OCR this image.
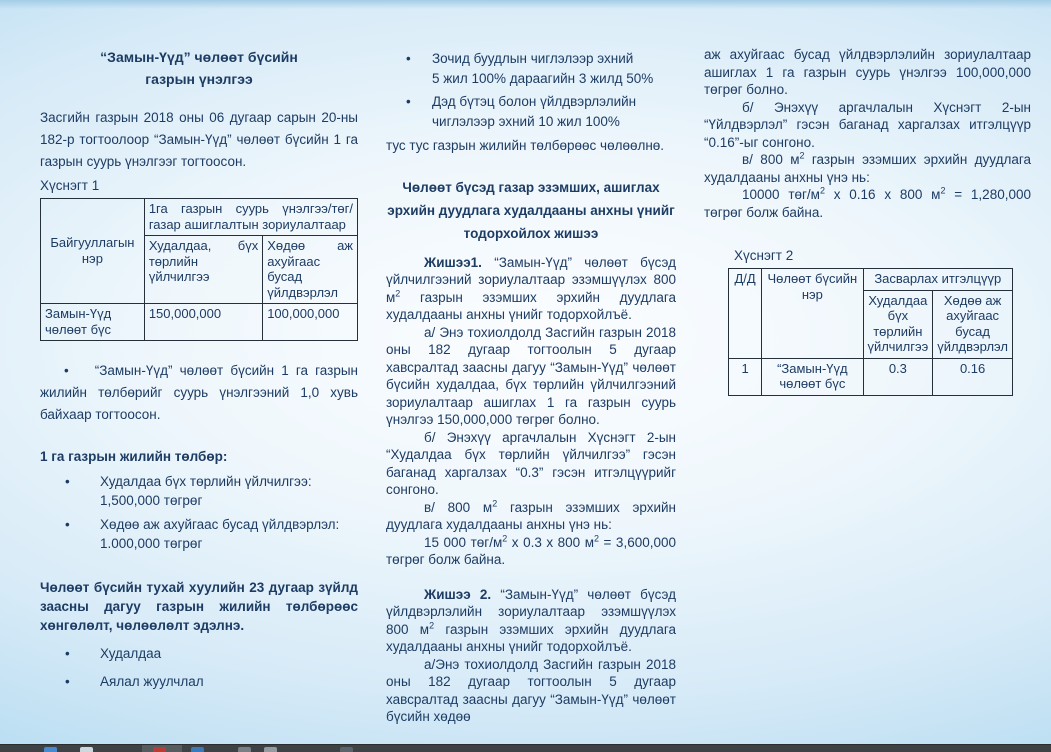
“Замын-Үүд” чөлөөт бүсийн
газрын үнэлгээ

Засгийн газрын 2018 оны 06 дугаар сарын 20-ны 182-р тогтоолоор “Замын-Үүд” чөлөөт бүсийн 1 га газрын суурь үнэлгээг тогтоосон.

Хүснэгт 1
Байгууллагын нэр	1га газрын суурь үнэлгээ/төг/ газар ашиглалтын зориулалтаар	
	Худалдаа, бүх төрлийн үйлчилгээ	Хөдөө аж ахуйгаас бусад үйлдвэрлэл
Замын-Үүд чөлөөт бүс	150,000,000	100,000,000

• “Замын-Үүд” чөлөөт бүсийн 1 га газрын жилийн төлбөрийг суурь үнэлгээний 1,0 хувь байхаар тогтоосон.

1 га газрын жилийн төлбөр:
• Худалдаа бүх төрлийн үйлчилгээ:
1,500,000 төгрөг
• Хөдөө аж ахуйгаас бусад үйлдвэрлэл:
1.000,000 төгрөг

Чөлөөт бүсийн тухай хуулийн 23 дугаар зүйлд заасны дагуу газрын жилийн төлбөрөөс хөнгөлөлт, чөлөөлөлт эдэлнэ.

• Худалдаа
• Аялал жуулчлал
• Зочид буудлын чиглэлээр эхний
5 жил 100% дараагийн 3 жилд 50%
• Дэд бүтэц болон үйлдвэрлэлийн
чиглэлээр эхний 10 жил 100%
тус тус газрын жилийн төлбөрөөс чөлөөлнө.
Чөлөөт бүсэд газар эзэмших, ашиглах эрхийн дуудлага худалдааны анхны үнийг тодорхойлох жишээ

Жишээ1. “Замын-Үүд” чөлөөт бүсэд үйлчилгээний зориулалтаар эзэмшүүлэх 800 $м^2$ газрын эзэмших эрхийн дуудлага худалдааны анхны үнийг тодорхойлъё.

а/ Энэ тохиолдолд Засгийн газрын 2018 оны 182 дугаар тогтоолын 5 дугаар хавсралтад заасны дагуу “Замын-Үүд” чөлөөт бүсийн худалдаа, бүх төрлийн үйлчилгээний зориулалтаар ашиглах 1 га газрын суурь үнэлгээ 150,000,000 төгрөг болно.

б/ Энэхүү аргачлалын Хүснэгт 2-ын “Худалдаа бүх төрлийн үйлчилгээ” гэсэн баганад харгалзах “0.3” гэсэн итгэлцүүрийг сонгоно.

в/ 800 $м^2$ газрын эзэмших эрхийн дуудлага худалдааны анхны үнэ нь:

15 000 төг/$м^2$ х 0.3 х 800 $м^2 = 3,600,000$ төгрөг болж байна.

Жишээ 2. “Замын-Үүд” чөлөөт бүсэд үйлдвэрлэлийн зориулалтаар эзэмшүүлэх 800 $м^2$ газрын эзэмших эрхийн дуудлага худалдааны анхны үнийг тодорхойлъё.

а/Энэ тохиолдолд Засгийн газрын 2018 оны 182 дугаар тогтоолын 5 дугаар хавсралтад заасны дагуу “Замын-Үүд” чөлөөт бүсийн хөдөө

аж ахуйгаас бусад үйлдвэрлэлийн зориулалтаар ашиглах 1 га газрын суурь үнэлгээ 100,000,000 төгрөг болно.

б/ Энэхүү аргачлалын Хүснэгт 2-ын “Үйлдвэрлэл” гэсэн баганад харгалзах итгэлцүүр “0.16”-ыг сонгоно.

в/ 800 $м^2$ газрын эзэмших эрхийн дуудлага худалдааны анхны үнэ нь:

10000 төг/$м^2$ х 0.16 х 800 $м^2 = 1,280,000$ төгрөг болж байна.

Хүснэгт 2
Д/Д	Чөлөөт бүсийн нэр	Засварлах итгэлцүүр	
		Худалдаа бүх төрлийн үйлчилгээ	Хөдөө аж ахуйгаас бусад үйлдвэрлэл
1	“Замын-Үүд чөлөөт бүс	0.3	0.16
